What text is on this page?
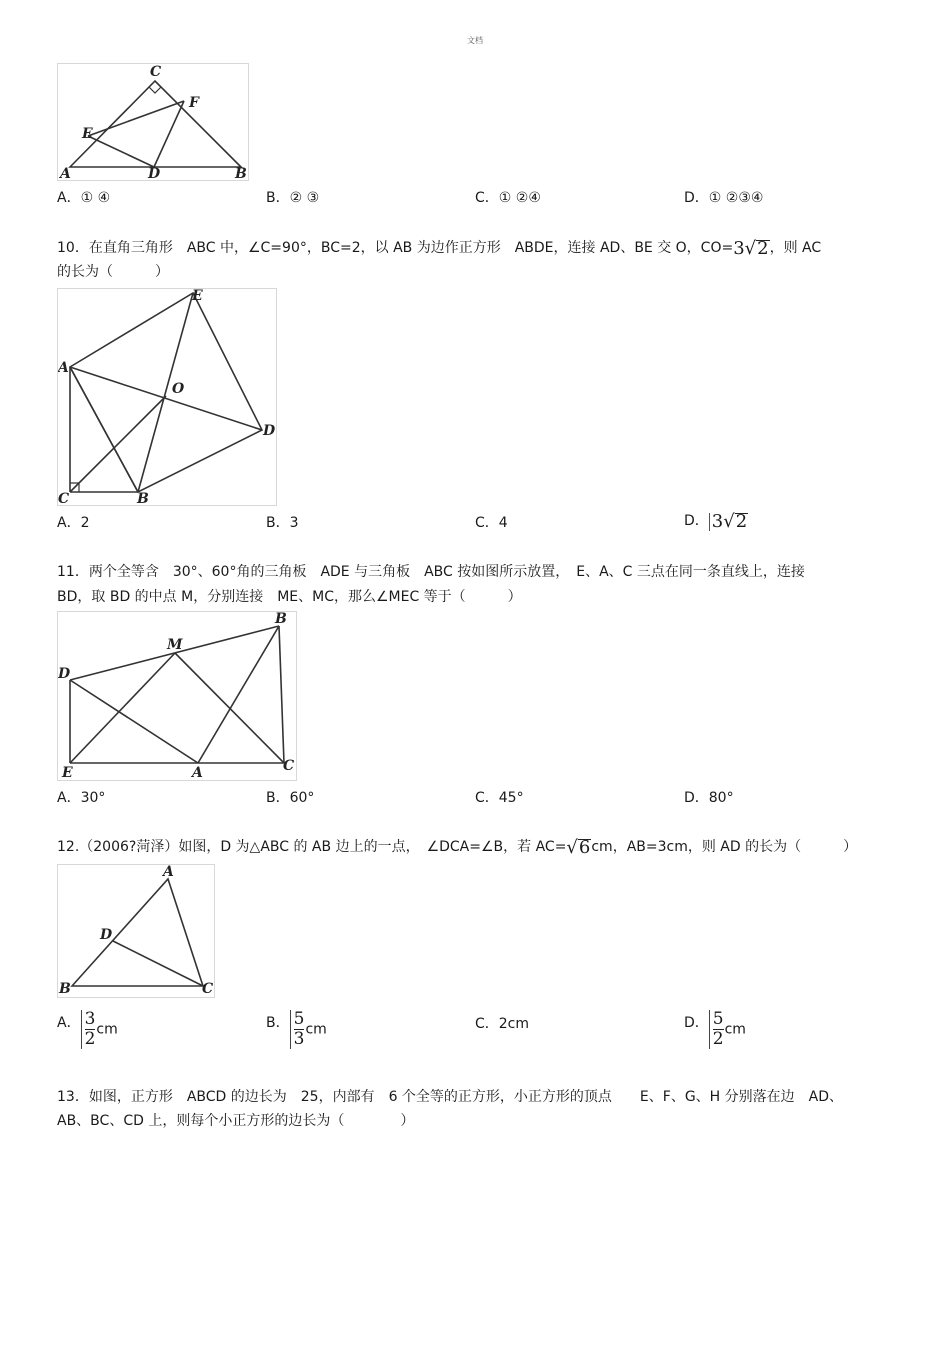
文档
C
F
E
A	D	B
A．① ④	B．② ③	C．① ②④	D．① ②③④
10．在直角三角形　ABC 中，∠C=90°，BC=2，以 AB 为边作正方形　ABDE，连接 AD、BE 交 O，CO=3√2，则 AC
的长为（　　　）
E
A
O
D
C	B
A．2	B．3	C．4	D． 3√2
11．两个全等含　30°、60°角的三角板　ADE 与三角板　ABC 按如图所示放置，　E、A、C 三点在同一条直线上，连接
BD，取 BD 的中点 M，分别连接　ME、MC，那么∠MEC 等于（　　　）
B
M
D
E	A	C
A．30°	B．60°	C．45°	D．80°
12.（2006?菏泽）如图，D 为△ABC 的 AB 边上的一点，　∠DCA=∠B，若 AC=√6cm，AB=3cm，则 AD 的长为（　　　）
A
D
B	C
A． $\frac{3}{2}$ cm	B． $\frac{5}{3}$ cm	C．2cm	D． $\frac{5}{2}$ cm
13．如图，正方形　ABCD 的边长为　25，内部有　6 个全等的正方形，小正方形的顶点　　E、F、G、H 分别落在边　AD、
AB、BC、CD 上，则每个小正方形的边长为（　　　　）
